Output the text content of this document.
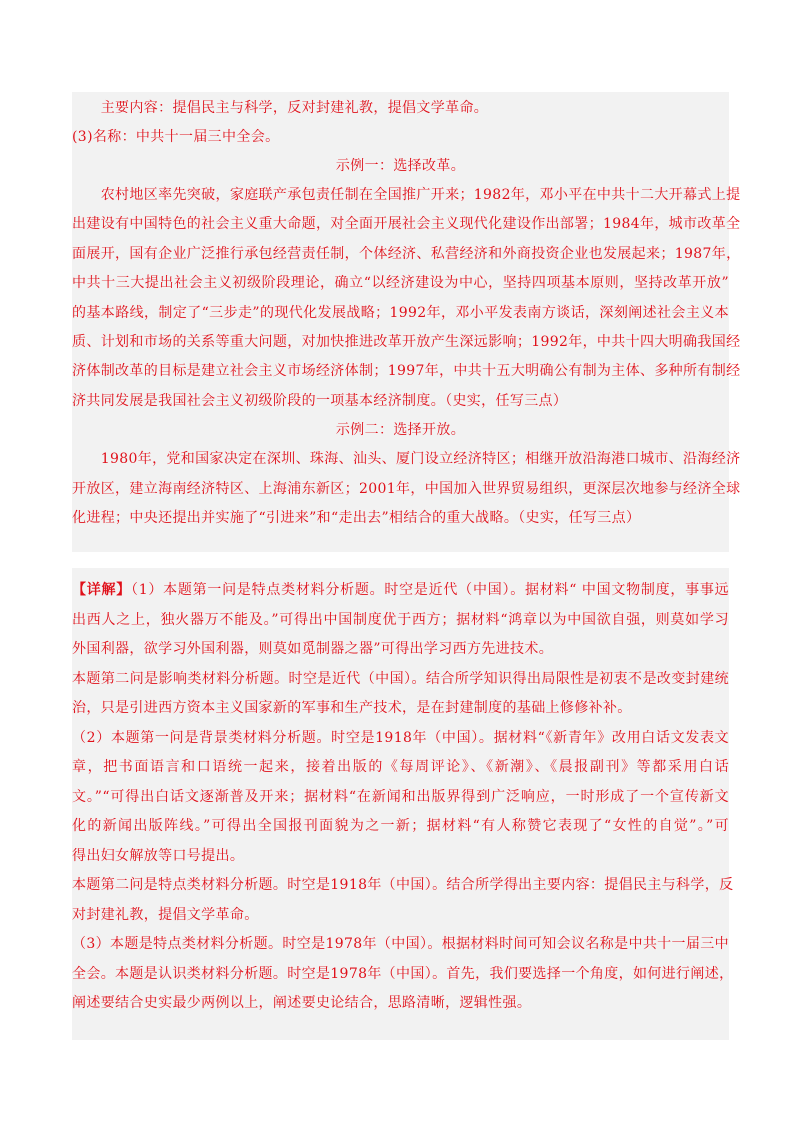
　　主要内容：提倡民主与科学，反对封建礼教，提倡文学革命。
(3)名称：中共十一届三中全会。
示例一：选择改革。
　　农村地区率先突破，家庭联产承包责任制在全国推广开来；1982年，邓小平在中共十二大开幕式上提
出建设有中国特色的社会主义重大命题，对全面开展社会主义现代化建设作出部署；1984年，城市改革全
面展开，国有企业广泛推行承包经营责任制，个体经济、私营经济和外商投资企业也发展起来；1987年，
中共十三大提出社会主义初级阶段理论，确立“以经济建设为中心，坚持四项基本原则，坚持改革开放”
的基本路线，制定了“三步走”的现代化发展战略；1992年，邓小平发表南方谈话，深刻阐述社会主义本
质、计划和市场的关系等重大问题，对加快推进改革开放产生深远影响；1992年，中共十四大明确我国经
济体制改革的目标是建立社会主义市场经济体制；1997年，中共十五大明确公有制为主体、多种所有制经
济共同发展是我国社会主义初级阶段的一项基本经济制度。（史实，任写三点）
示例二：选择开放。
　　1980年，党和国家决定在深圳、珠海、汕头、厦门设立经济特区；相继开放沿海港口城市、沿海经济
开放区，建立海南经济特区、上海浦东新区；2001年，中国加入世界贸易组织，更深层次地参与经济全球
化进程；中央还提出并实施了“引进来”和“走出去”相结合的重大战略。（史实，任写三点）
【详解】（1）本题第一问是特点类材料分析题。时空是近代（中国）。据材料“ 中国文物制度，事事远
出西人之上，独火器万不能及。”可得出中国制度优于西方；据材料“鸿章以为中国欲自强，则莫如学习
外国利器，欲学习外国利器，则莫如觅制器之器”可得出学习西方先进技术。
本题第二问是影响类材料分析题。时空是近代（中国）。结合所学知识得出局限性是初衷不是改变封建统
治，只是引进西方资本主义国家新的军事和生产技术，是在封建制度的基础上修修补补。
（2）本题第一问是背景类材料分析题。时空是1918年（中国）。据材料“《新青年》改用白话文发表文
章，把书面语言和口语统一起来，接着出版的《每周评论》、《新潮》、《晨报副刊》等都采用白话
文。”“可得出白话文逐渐普及开来；据材料“在新闻和出版界得到广泛响应，一时形成了一个宣传新文
化的新闻出版阵线。”可得出全国报刊面貌为之一新；据材料“有人称赞它表现了“女性的自觉”。”可
得出妇女解放等口号提出。
本题第二问是特点类材料分析题。时空是1918年（中国）。结合所学得出主要内容：提倡民主与科学，反
对封建礼教，提倡文学革命。
（3）本题是特点类材料分析题。时空是1978年（中国）。根据材料时间可知会议名称是中共十一届三中
全会。本题是认识类材料分析题。时空是1978年（中国）。首先，我们要选择一个角度，如何进行阐述，
阐述要结合史实最少两例以上，阐述要史论结合，思路清晰，逻辑性强。
